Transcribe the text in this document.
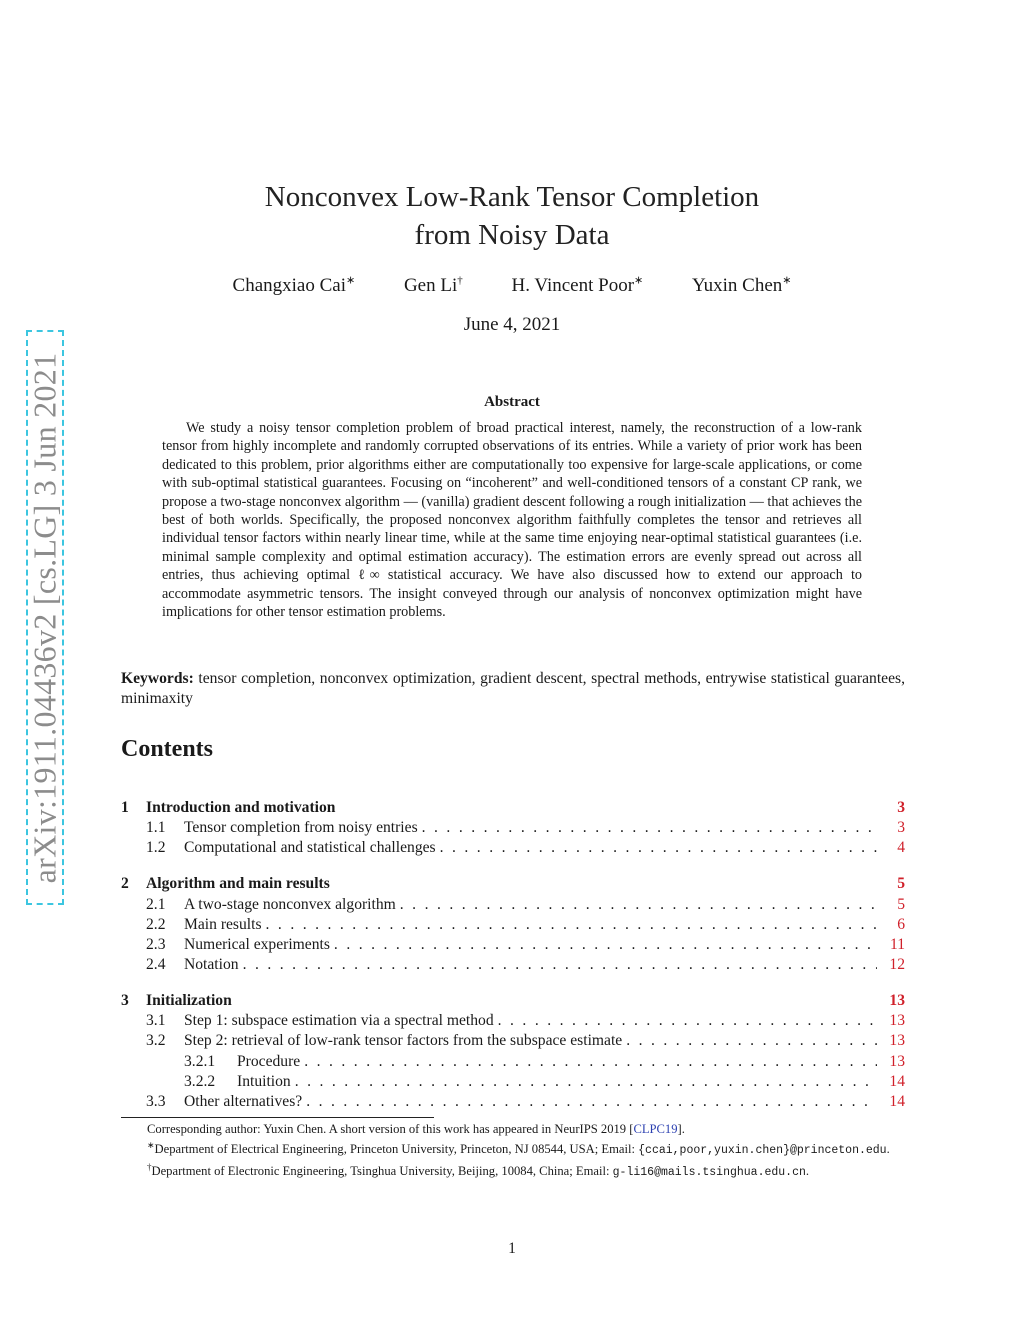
arXiv:1911.04436v2 [cs.LG] 3 Jun 2021
Nonconvex Low-Rank Tensor Completion
from Noisy Data
Changxiao Cai∗	Gen Li†	H. Vincent Poor∗	Yuxin Chen∗
June 4, 2021
Abstract

We study a noisy tensor completion problem of broad practical interest, namely, the reconstruction of a low-rank tensor from highly incomplete and randomly corrupted observations of its entries. While a variety of prior work has been dedicated to this problem, prior algorithms either are computationally too expensive for large-scale applications, or come with sub-optimal statistical guarantees. Focusing on “incoherent” and well-conditioned tensors of a constant CP rank, we propose a two-stage nonconvex algorithm — (vanilla) gradient descent following a rough initialization — that achieves the best of both worlds. Specifically, the proposed nonconvex algorithm faithfully completes the tensor and retrieves all individual tensor factors within nearly linear time, while at the same time enjoying near-optimal statistical guarantees (i.e. minimal sample complexity and optimal estimation accuracy). The estimation errors are evenly spread out across all entries, thus achieving optimal ℓ∞ statistical accuracy. We have also discussed how to extend our approach to accommodate asymmetric tensors. The insight conveyed through our analysis of nonconvex optimization might have implications for other tensor estimation problems.

Keywords: tensor completion, nonconvex optimization, gradient descent, spectral methods, entrywise statistical guarantees, minimaxity

Contents
1	Introduction and motivation	3
1.1	Tensor completion from noisy entries . . .	3
1.2	Computational and statistical challenges . . .	4
2	Algorithm and main results	5
2.1	A two-stage nonconvex algorithm . . .	5
2.2	Main results . . .	6
2.3	Numerical experiments . . .	11
2.4	Notation . . .	12
3	Initialization	13
3.1	Step 1: subspace estimation via a spectral method . . .	13
3.2	Step 2: retrieval of low-rank tensor factors from the subspace estimate . . .	13
3.2.1	Procedure . . .	13
3.2.2	Intuition . . .	14
3.3	Other alternatives? . . .	14

Corresponding author: Yuxin Chen. A short version of this work has appeared in NeurIPS 2019 [CLPC19].

∗Department of Electrical Engineering, Princeton University, Princeton, NJ 08544, USA; Email: {ccai,poor,yuxin.chen}@princeton.edu.

†Department of Electronic Engineering, Tsinghua University, Beijing, 10084, China; Email: g-li16@mails.tsinghua.edu.cn.

1
